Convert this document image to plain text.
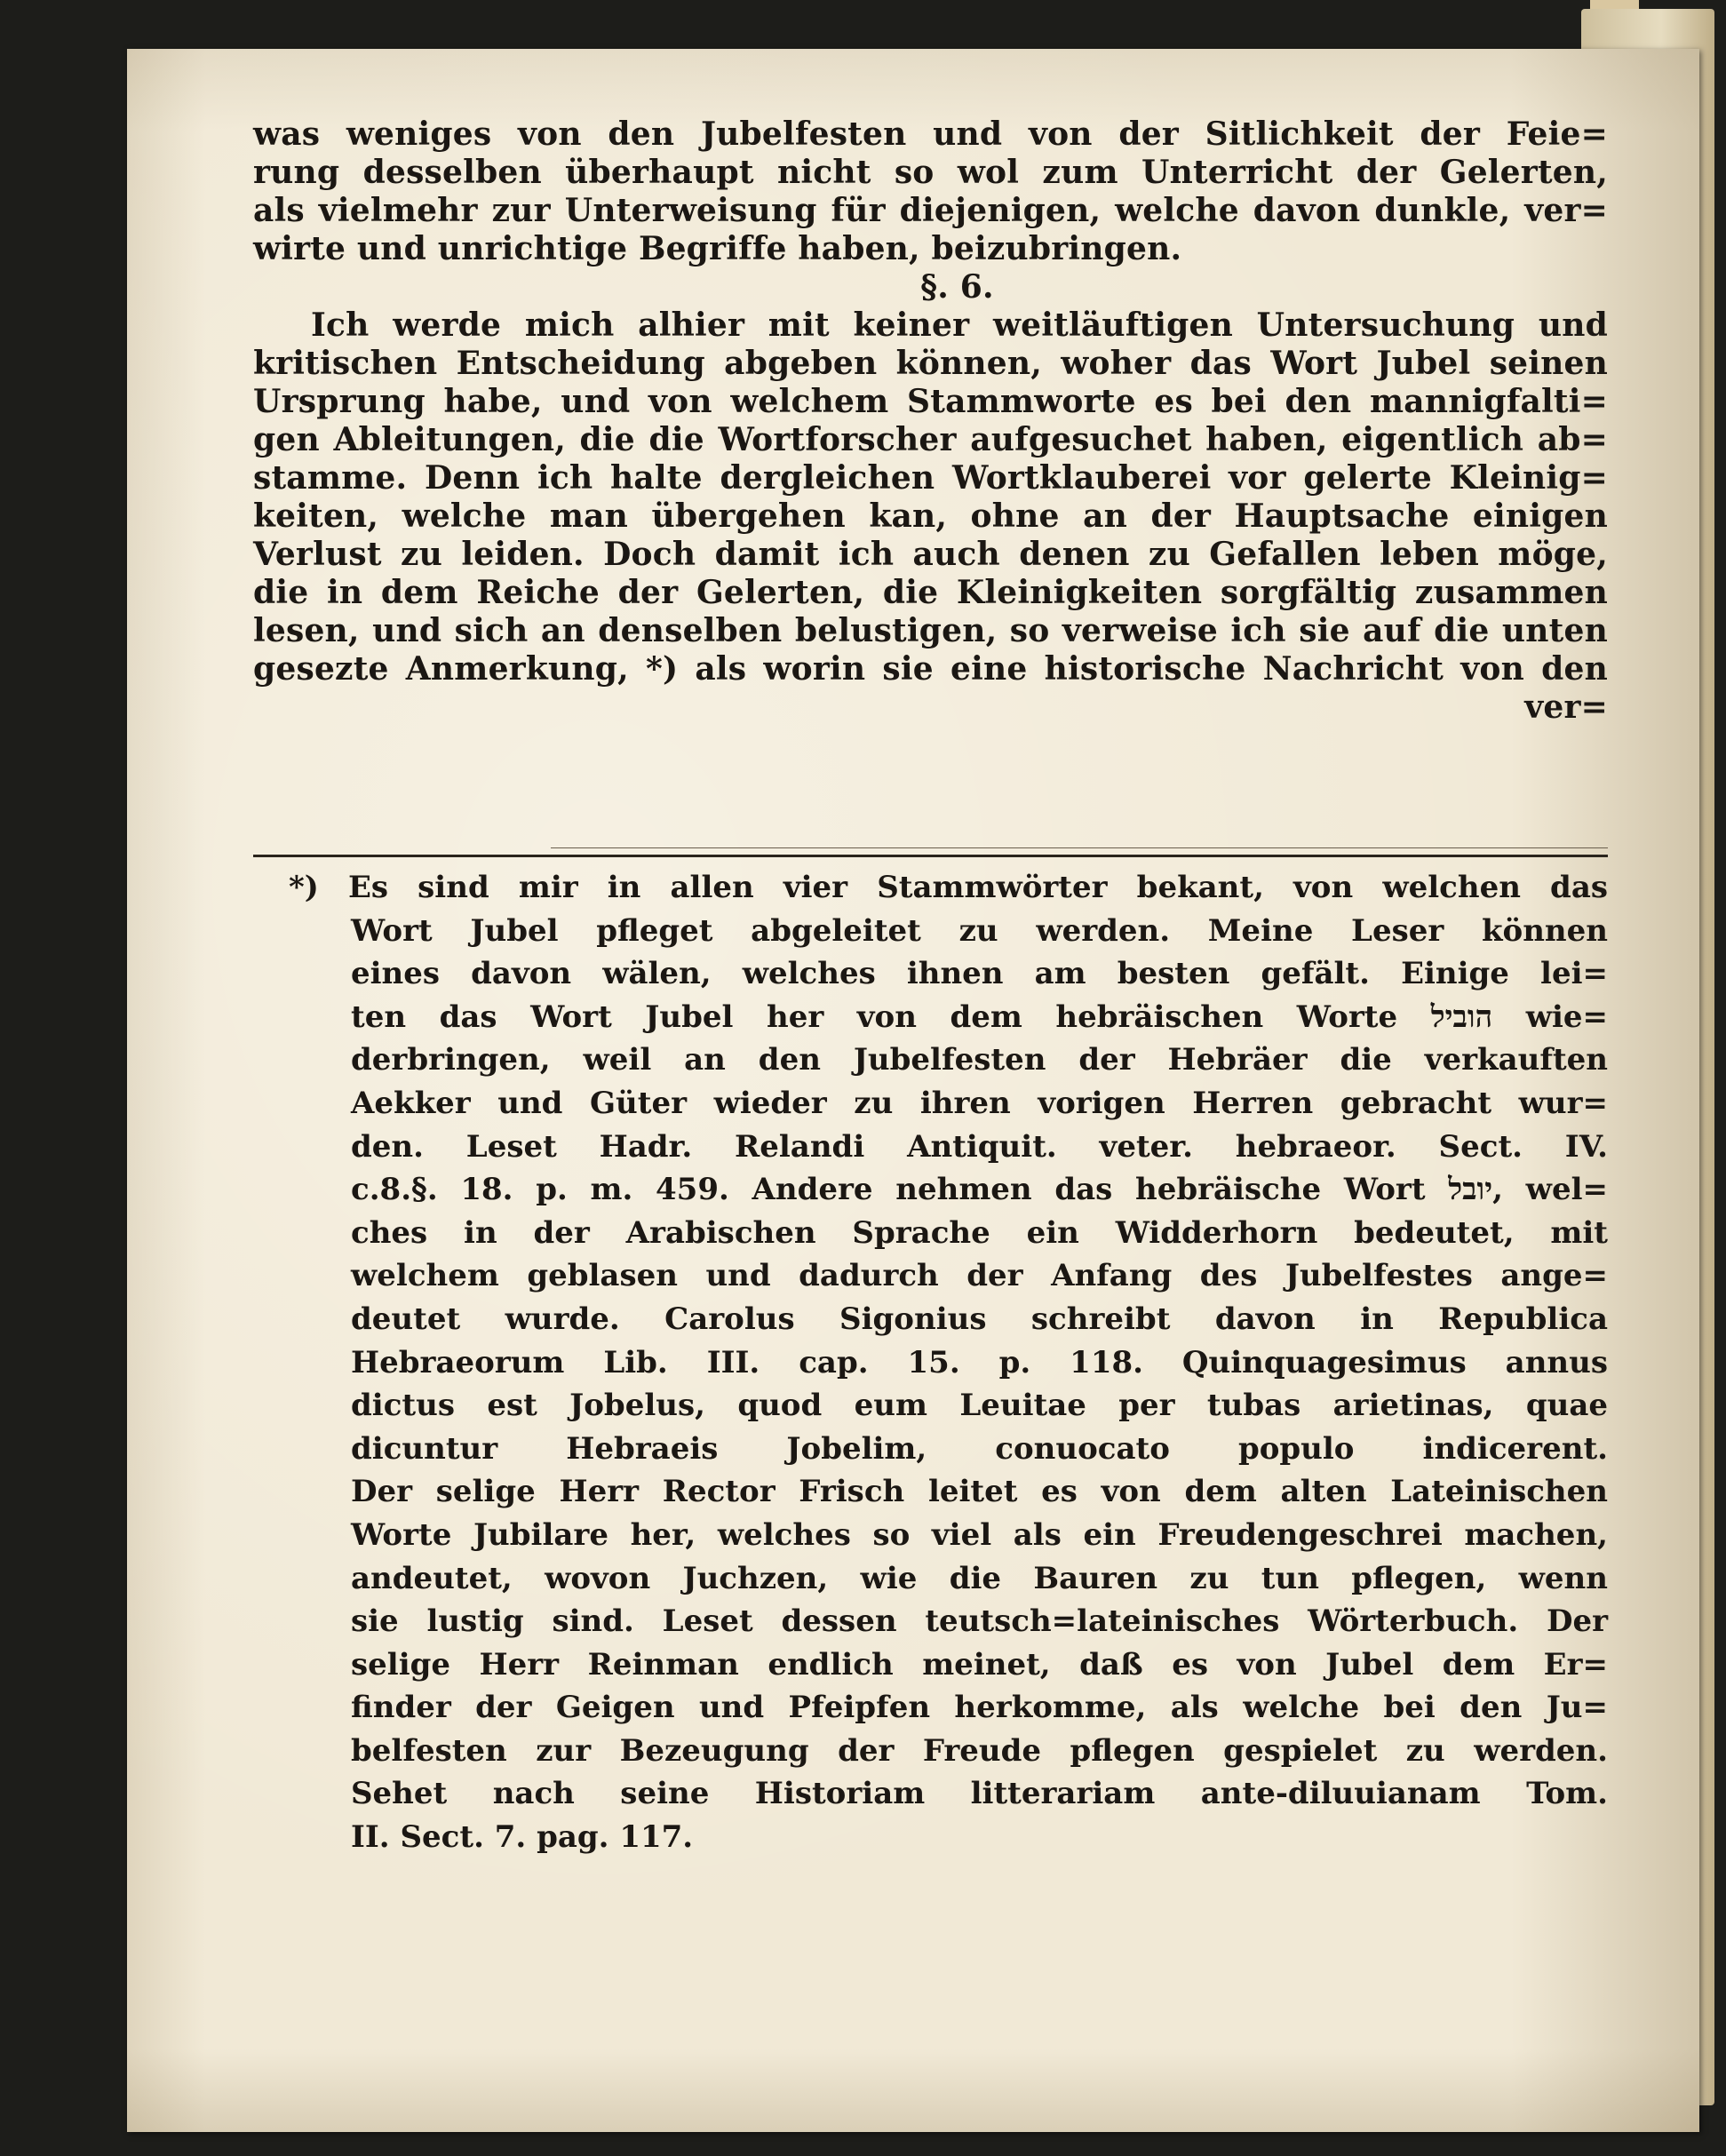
was weniges von den Jubelfesten und von der Sitlichkeit der Feie=
rung desselben überhaupt nicht so wol zum Unterricht der Gelerten,
als vielmehr zur Unterweisung für diejenigen, welche davon dunkle, ver=
wirte und unrichtige Begriffe haben, beizubringen.
§. 6.
Ich werde mich alhier mit keiner weitläuftigen Untersuchung und
kritischen Entscheidung abgeben können, woher das Wort Jubel seinen
Ursprung habe, und von welchem Stammworte es bei den mannigfalti=
gen Ableitungen, die die Wortforscher aufgesuchet haben, eigentlich ab=
stamme. Denn ich halte dergleichen Wortklauberei vor gelerte Kleinig=
keiten, welche man übergehen kan, ohne an der Hauptsache einigen
Verlust zu leiden. Doch damit ich auch denen zu Gefallen leben möge,
die in dem Reiche der Gelerten, die Kleinigkeiten sorgfältig zusammen
lesen, und sich an denselben belustigen, so verweise ich sie auf die unten
gesezte Anmerkung, *) als worin sie eine historische Nachricht von den
ver=
*) Es sind mir in allen vier Stammwörter bekant, von welchen das
Wort Jubel pfleget abgeleitet zu werden. Meine Leser können
eines davon wälen, welches ihnen am besten gefält. Einige lei=
ten das Wort Jubel her von dem hebräischen Worte הוביל wie=
derbringen, weil an den Jubelfesten der Hebräer die verkauften
Aekker und Güter wieder zu ihren vorigen Herren gebracht wur=
den. Leset Hadr. Relandi Antiquit. veter. hebraeor. Sect. IV.
c.8.§. 18. p. m. 459. Andere nehmen das hebräische Wort יובל, wel=
ches in der Arabischen Sprache ein Widderhorn bedeutet, mit
welchem geblasen und dadurch der Anfang des Jubelfestes ange=
deutet wurde. Carolus Sigonius schreibt davon in Republica
Hebraeorum Lib. III. cap. 15. p. 118. Quinquagesimus annus
dictus est Jobelus, quod eum Leuitae per tubas arietinas, quae
dicuntur Hebraeis Jobelim, conuocato populo indicerent.
Der selige Herr Rector Frisch leitet es von dem alten Lateinischen
Worte Jubilare her, welches so viel als ein Freudengeschrei machen,
andeutet, wovon Juchzen, wie die Bauren zu tun pflegen, wenn
sie lustig sind. Leset dessen teutsch=lateinisches Wörterbuch. Der
selige Herr Reinman endlich meinet, daß es von Jubel dem Er=
finder der Geigen und Pfeipfen herkomme, als welche bei den Ju=
belfesten zur Bezeugung der Freude pflegen gespielet zu werden.
Sehet nach seine Historiam litterariam ante-diluuianam Tom.
II. Sect. 7. pag. 117.
